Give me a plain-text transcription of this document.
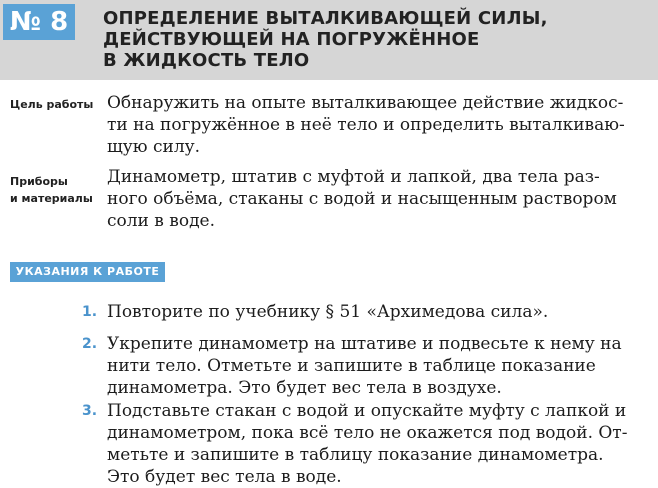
№ 8	ОПРЕДЕЛЕНИЕ ВЫТАЛКИВАЮЩЕЙ СИЛЫ,
ДЕЙСТВУЮЩЕЙ НА ПОГРУЖЁННОЕ
В ЖИДКОСТЬ ТЕЛО
Цель работы Обнаружить на опыте выталкивающее действие жидкос-
ти на погружённое в неё тело и определить выталкиваю-
щую силу.
Приборы
и материалы
Динамометр, штатив с муфтой и лапкой, два тела раз-
ного объёма, стаканы с водой и насыщенным раствором
соли в воде.
УКАЗАНИЯ К РАБОТЕ
1. Повторите по учебнику § 51 «Архимедова сила».
2. Укрепите динамометр на штативе и подвесьте к нему на
нити тело. Отметьте и запишите в таблице показание
динамометра. Это будет вес тела в воздухе.
3. Подставьте стакан с водой и опускайте муфту с лапкой и
динамометром, пока всё тело не окажется под водой. От-
метьте и запишите в таблицу показание динамометра.
Это будет вес тела в воде.
